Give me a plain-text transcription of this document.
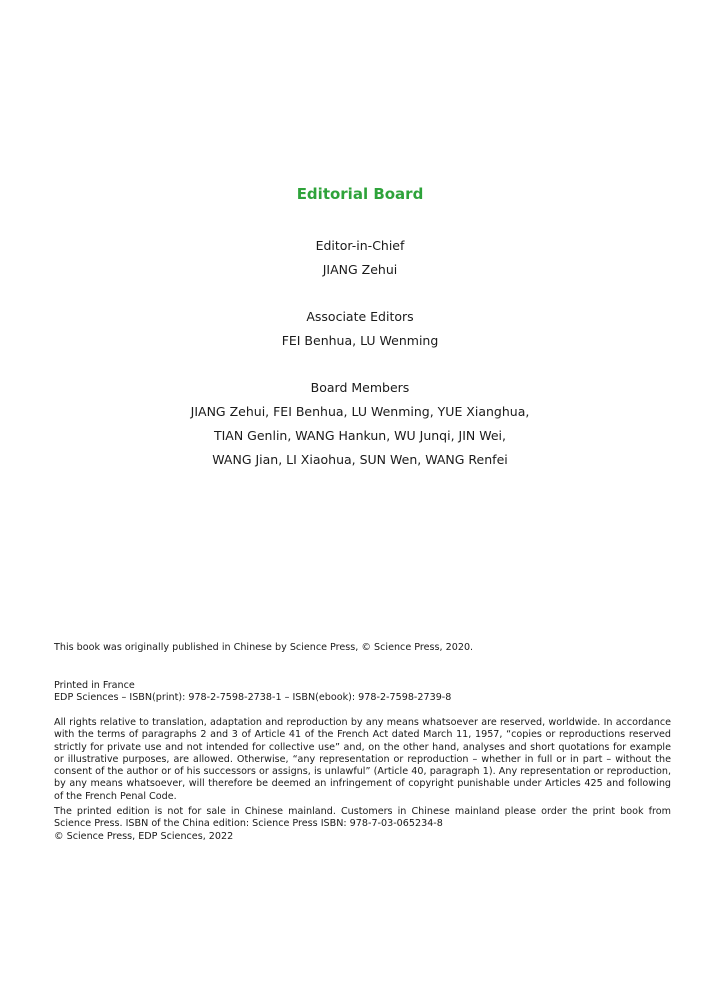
Editorial Board

Editor-in-Chief

JIANG Zehui

Associate Editors

FEI Benhua, LU Wenming

Board Members

JIANG Zehui, FEI Benhua, LU Wenming, YUE Xianghua,

TIAN Genlin, WANG Hankun, WU Junqi, JIN Wei,

WANG Jian, LI Xiaohua, SUN Wen, WANG Renfei

This book was originally published in Chinese by Science Press, © Science Press, 2020.

Printed in France

EDP Sciences – ISBN(print): 978-2-7598-2738-1 – ISBN(ebook): 978-2-7598-2739-8

All rights relative to translation, adaptation and reproduction by any means whatsoever are reserved, worldwide. In accordance with the terms of paragraphs 2 and 3 of Article 41 of the French Act dated March 11, 1957, “copies or reproductions reserved strictly for private use and not intended for collective use” and, on the other hand, analyses and short quotations for example or illustrative purposes, are allowed. Otherwise, “any representation or reproduction – whether in full or in part – without the consent of the author or of his successors or assigns, is unlawful” (Article 40, paragraph 1). Any representation or reproduction, by any means whatsoever, will therefore be deemed an infringement of copyright punishable under Articles 425 and following of the French Penal Code.

The printed edition is not for sale in Chinese mainland. Customers in Chinese mainland please order the print book from Science Press. ISBN of the China edition: Science Press ISBN: 978-7-03-065234-8

© Science Press, EDP Sciences, 2022
